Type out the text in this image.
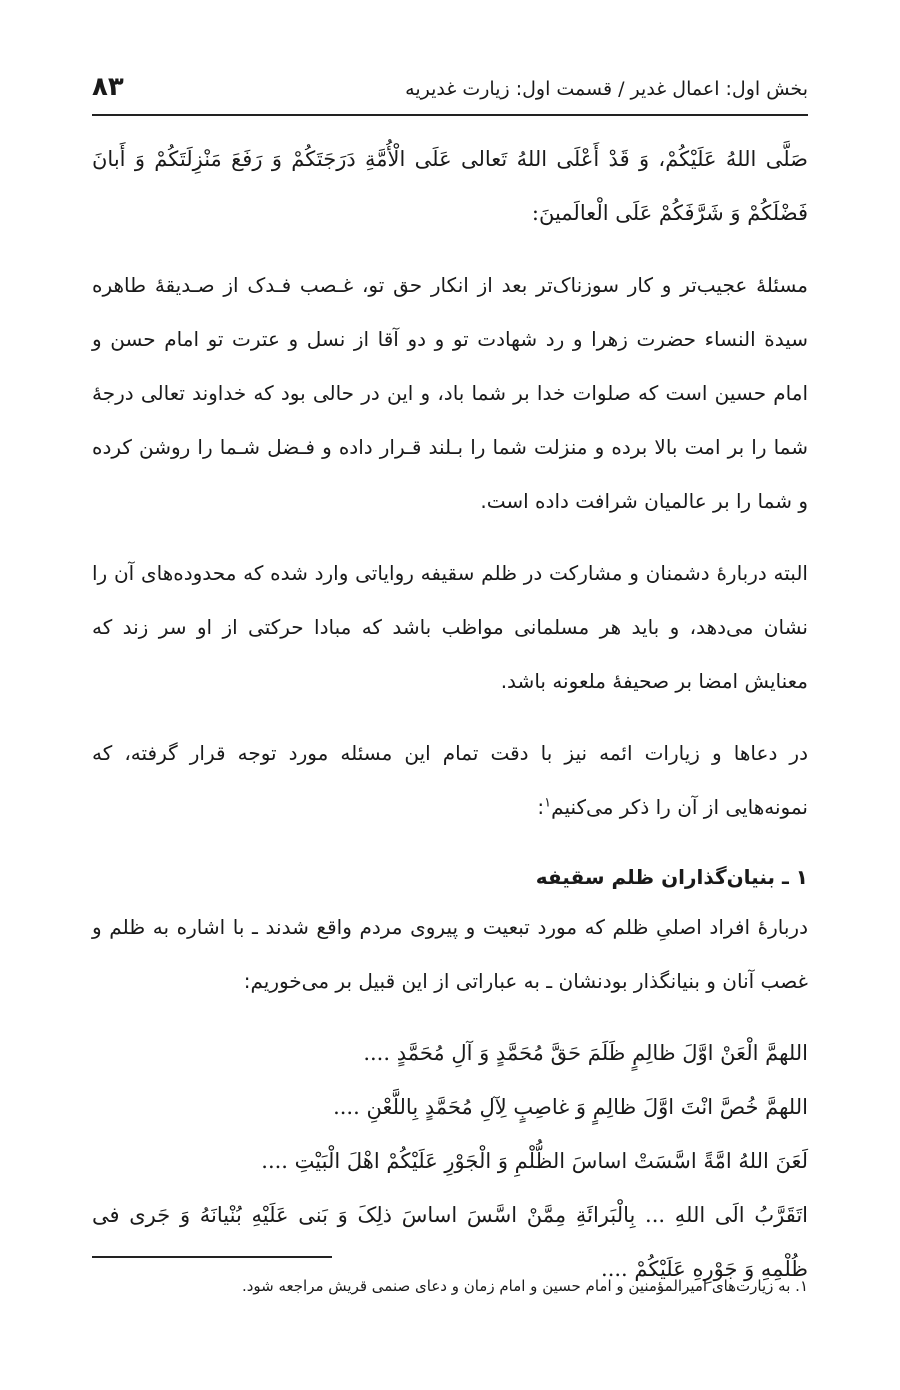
بخش اول: اعمال غدیر / قسمت اول: زیارت غدیریه
۸۳

صَلَّی اللهُ عَلَیْکُمْ، وَ قَدْ أَعْلَی اللهُ تَعالی عَلَی الْأُمَّةِ دَرَجَتَکُمْ وَ رَفَعَ مَنْزِلَتَکُمْ وَ أَبانَ فَضْلَکُمْ وَ شَرَّفَکُمْ عَلَی الْعالَمینَ:

مسئلهٔ عجیب‌تر و کار سوزناک‌تر بعد از انکار حق تو، غـصب فـدک از صـدیقهٔ طاهره سیدة النساء حضرت زهرا و رد شهادت تو و دو آقا از نسل و عترت تو امام حسن و امام حسین است که صلوات خدا بر شما باد، و این در حالی بود که خداوند تعالی درجهٔ شما را بر امت بالا برده و منزلت شما را بـلند قـرار داده و فـضل شـما را روشن کرده و شما را بر عالمیان شرافت داده است.

البته دربارهٔ دشمنان و مشارکت در ظلم سقیفه روایاتی وارد شده که محدوده‌های آن را نشان می‌دهد، و باید هر مسلمانی مواظب باشد که مبادا حرکتی از او سر زند که معنایش امضا بر صحیفهٔ ملعونه باشد.

در دعاها و زیارات ائمه نیز با دقت تمام این مسئله مورد توجه قرار گرفته، که نمونه‌هایی از آن را ذکر می‌کنیم$^۱$:

۱ ـ بنیان‌گذاران ظلم سقیفه

دربارهٔ افراد اصلیِ ظلم که مورد تبعیت و پیروی مردم واقع شدند ـ با اشاره به ظلم و غصب آنان و بنیانگذار بودنشان ـ به عباراتی از این قبیل بر می‌خوریم:

اللهمَّ الْعَنْ اوَّلَ ظالِمٍ ظَلَمَ حَقَّ مُحَمَّدٍ وَ آلِ مُحَمَّدٍ ....

اللهمَّ خُصَّ انْتَ اوَّلَ ظالِمٍ وَ غاصِبٍ لِآلِ مُحَمَّدٍ بِاللَّعْنِ ....

لَعَنَ اللهُ امَّةً اسَّسَتْ اساسَ الظُّلْمِ وَ الْجَوْرِ عَلَیْکُمْ اهْلَ الْبَیْتِ ....

اتَقَرَّبُ الَی اللهِ ... بِالْبَرائَةِ مِمَّنْ اسَّسَ اساسَ ذلِکَ وَ بَنی عَلَیْهِ بُنْیانَهُ وَ جَری فی ظُلْمِهِ وَ جَوْرِهِ عَلَیْکُمْ ....

۱. به زیارت‌های امیرالمؤمنین و امام حسین و امام زمان و دعای صنمی قریش مراجعه شود.
